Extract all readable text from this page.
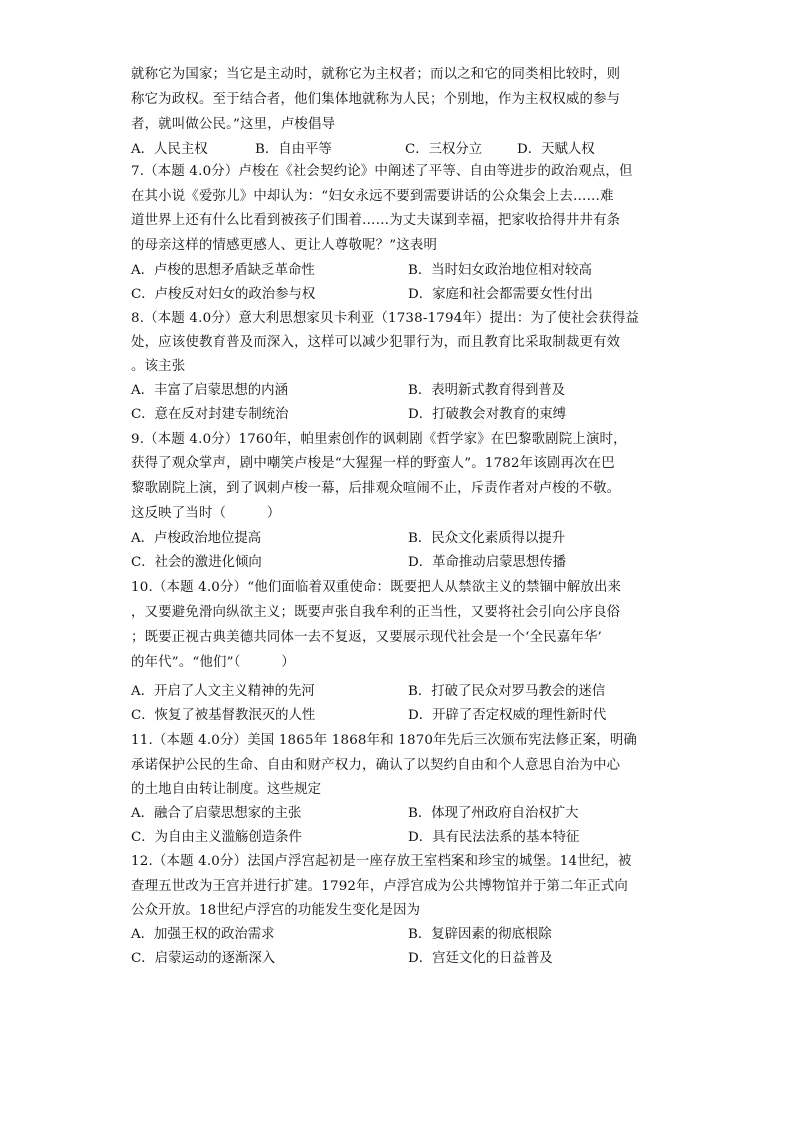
就称它为国家；当它是主动时，就称它为主权者；而以之和它的同类相比较时，则
称它为政权。至于结合者，他们集体地就称为人民；个别地，作为主权权威的参与
者，就叫做公民。”这里，卢梭倡导
A．人民主权	B．自由平等	C．三权分立	D．天赋人权
7.（本题 4.0分）卢梭在《社会契约论》中阐述了平等、自由等进步的政治观点，但
在其小说《爱弥儿》中却认为：“妇女永远不要到需要讲话的公众集会上去……难
道世界上还有什么比看到被孩子们围着……为丈夫谋到幸福，把家收拾得井井有条
的母亲这样的情感更感人、更让人尊敬呢？”这表明
A．卢梭的思想矛盾缺乏革命性	B．当时妇女政治地位相对较高
C．卢梭反对妇女的政治参与权	D．家庭和社会都需要女性付出
8.（本题 4.0分）意大利思想家贝卡利亚（1738-1794年）提出：为了使社会获得益
处，应该使教育普及而深入，这样可以减少犯罪行为，而且教育比采取制裁更有效
。该主张
A．丰富了启蒙思想的内涵	B．表明新式教育得到普及
C．意在反对封建专制统治	D．打破教会对教育的束缚
9.（本题 4.0分）1760年，帕里索创作的讽刺剧《哲学家》在巴黎歌剧院上演时，
获得了观众掌声，剧中嘲笑卢梭是“大猩猩一样的野蛮人”。1782年该剧再次在巴
黎歌剧院上演，到了讽刺卢梭一幕，后排观众喧闹不止，斥责作者对卢梭的不敬。
这反映了当时（　　　）
A．卢梭政治地位提高	B．民众文化素质得以提升
C．社会的激进化倾向	D．革命推动启蒙思想传播
10.（本题 4.0分）“他们面临着双重使命：既要把人从禁欲主义的禁锢中解放出来
，又要避免滑向纵欲主义；既要声张自我牟利的正当性，又要将社会引向公序良俗
；既要正视古典美德共同体一去不复返，又要展示现代社会是一个‘全民嘉年华’
的年代”。“他们”（　　　）
A．开启了人文主义精神的先河	B．打破了民众对罗马教会的迷信
C．恢复了被基督教泯灭的人性	D．开辟了否定权威的理性新时代
11.（本题 4.0分）美国 1865年 1868年和 1870年先后三次颁布宪法修正案，明确
承诺保护公民的生命、自由和财产权力，确认了以契约自由和个人意思自治为中心
的土地自由转让制度。这些规定
A．融合了启蒙思想家的主张	B．体现了州政府自治权扩大
C．为自由主义滥觞创造条件	D．具有民法法系的基本特征
12.（本题 4.0分）法国卢浮宫起初是一座存放王室档案和珍宝的城堡。14世纪，被
查理五世改为王宫并进行扩建。1792年，卢浮宫成为公共博物馆并于第二年正式向
公众开放。18世纪卢浮宫的功能发生变化是因为
A．加强王权的政治需求	B．复辟因素的彻底根除
C．启蒙运动的逐渐深入	D．宫廷文化的日益普及
